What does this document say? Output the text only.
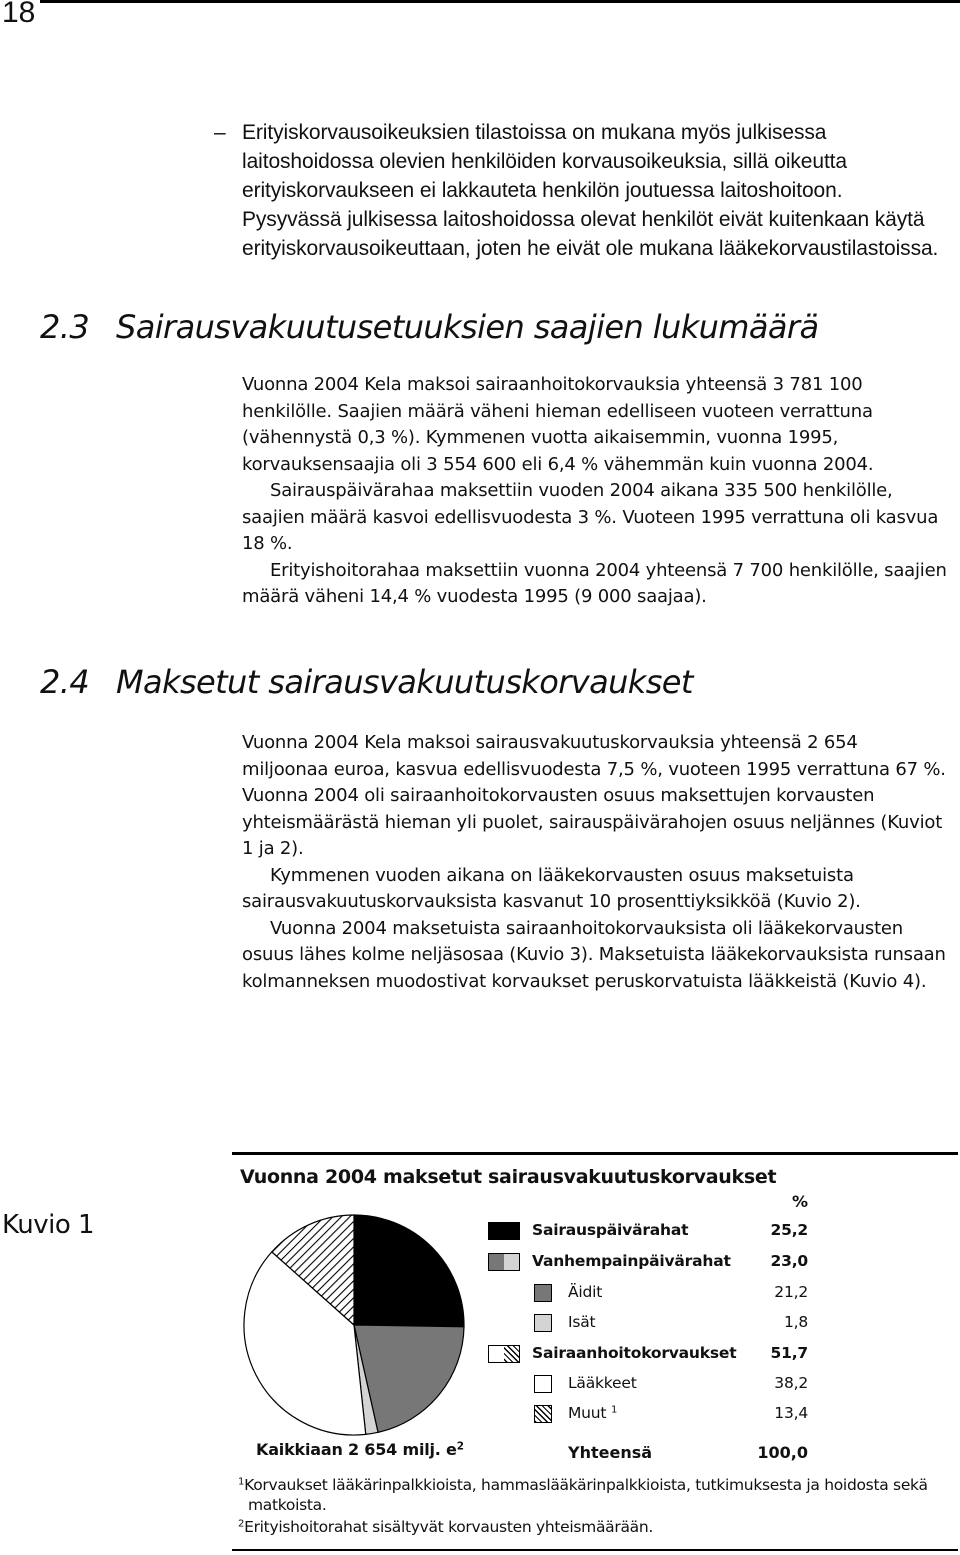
18
– Erityiskorvausoikeuksien tilastoissa on mukana myös julkisessa laitoshoidossa olevien henkilöiden korvausoikeuksia, sillä oikeutta erityiskorvaukseen ei lakkauteta henkilön joutuessa laitoshoitoon. Pysyvässä julkisessa laitoshoidossa olevat henkilöt eivät kuitenkaan käytä erityiskorvausoikeuttaan, joten he eivät ole mukana lääkekorvaustilastoissa.

2.3 Sairausvakuutusetuuksien saajien lukumäärä

Vuonna 2004 Kela maksoi sairaanhoitokorvauksia yhteensä 3 781 100 henkilölle. Saajien määrä väheni hieman edelliseen vuoteen verrattuna (vähennystä 0,3 %). Kymmenen vuotta aikaisemmin, vuonna 1995, korvauksensaajia oli 3 554 600 eli 6,4 % vähemmän kuin vuonna 2004.

Sairauspäivärahaa maksettiin vuoden 2004 aikana 335 500 henkilölle, saajien määrä kasvoi edellisvuodesta 3 %. Vuoteen 1995 verrattuna oli kasvua 18 %.

Erityishoitorahaa maksettiin vuonna 2004 yhteensä 7 700 henkilölle, saajien määrä väheni 14,4 % vuodesta 1995 (9 000 saajaa).

2.4 Maksetut sairausvakuutuskorvaukset

Vuonna 2004 Kela maksoi sairausvakuutuskorvauksia yhteensä 2 654 miljoonaa euroa, kasvua edellisvuodesta 7,5 %, vuoteen 1995 verrattuna 67 %. Vuonna 2004 oli sairaanhoitokorvausten osuus maksettujen korvausten yhteismäärästä hieman yli puolet, sairauspäivärahojen osuus neljännes (Kuviot 1 ja 2).

Kymmenen vuoden aikana on lääkekorvausten osuus maksetuista sairausvakuutuskorvauksista kasvanut 10 prosenttiyksikköä (Kuvio 2).

Vuonna 2004 maksetuista sairaanhoitokorvauksista oli lääkekorvausten osuus lähes kolme neljäsosaa (Kuvio 3). Maksetuista lääkekorvauksista runsaan kolmanneksen muodostivat korvaukset peruskorvatuista lääkkeistä (Kuvio 4).

Kuvio 1
Vuonna 2004 maksetut sairausvakuutuskorvaukset
%
Sairauspäivärahat	25,2
Vanhempainpäivärahat	23,0
Äidit	21,2
Isät	1,8
Sairaanhoitokorvaukset 51,7
Lääkkeet	38,2
Muut $^1$	13,4
Kaikkiaan 2 654 milj. $e^2$	Yhteensä	100,0
$^1$Korvaukset lääkärinpalkkioista, hammaslääkärinpalkkioista, tutkimuksesta ja hoidosta sekä matkoista.
$^2$Erityishoitorahat sisältyvät korvausten yhteismäärään.
